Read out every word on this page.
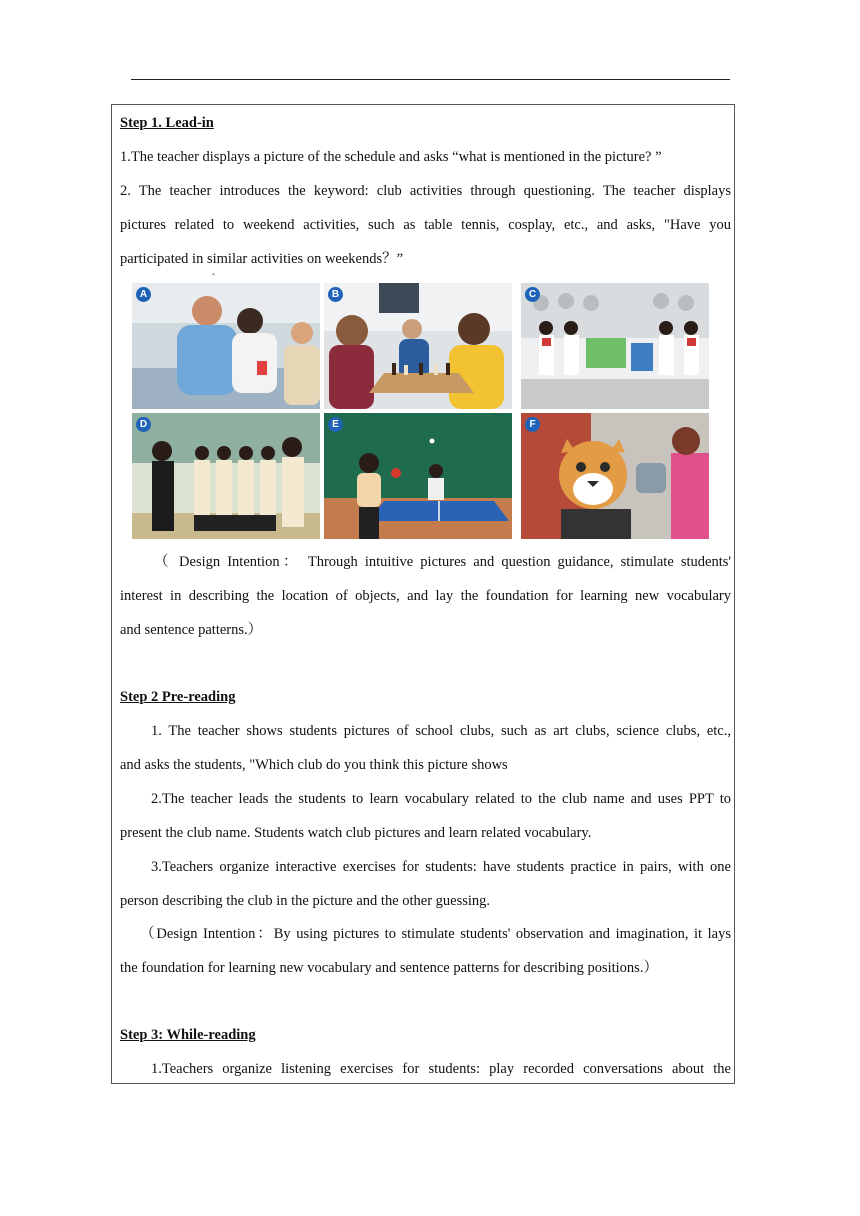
Step 1. Lead-in
1.The teacher displays a picture of the schedule and asks “what is mentioned in the picture? ”
2. The teacher introduces the keyword: club activities through questioning. The teacher displays
pictures related to weekend activities, such as table tennis, cosplay, etc., and asks, "Have you
participated in similar activities on weekends？”
ˆ
A	B	C
D	E	F
（ Design Intention： Through intuitive pictures and question guidance, stimulate students'
interest in describing the location of objects, and lay the foundation for learning new vocabulary
and sentence patterns.）
Step 2 Pre-reading
1. The teacher shows students pictures of school clubs, such as art clubs, science clubs, etc.,
and asks the students, "Which club do you think this picture shows
2.The teacher leads the students to learn vocabulary related to the club name and uses PPT to
present the club name. Students watch club pictures and learn related vocabulary.
3.Teachers organize interactive exercises for students: have students practice in pairs, with one
person describing the club in the picture and the other guessing.
（Design Intention：By using pictures to stimulate students' observation and imagination, it lays
the foundation for learning new vocabulary and sentence patterns for describing positions.）
Step 3: While-reading
1.Teachers organize listening exercises for students: play recorded conversations about the
